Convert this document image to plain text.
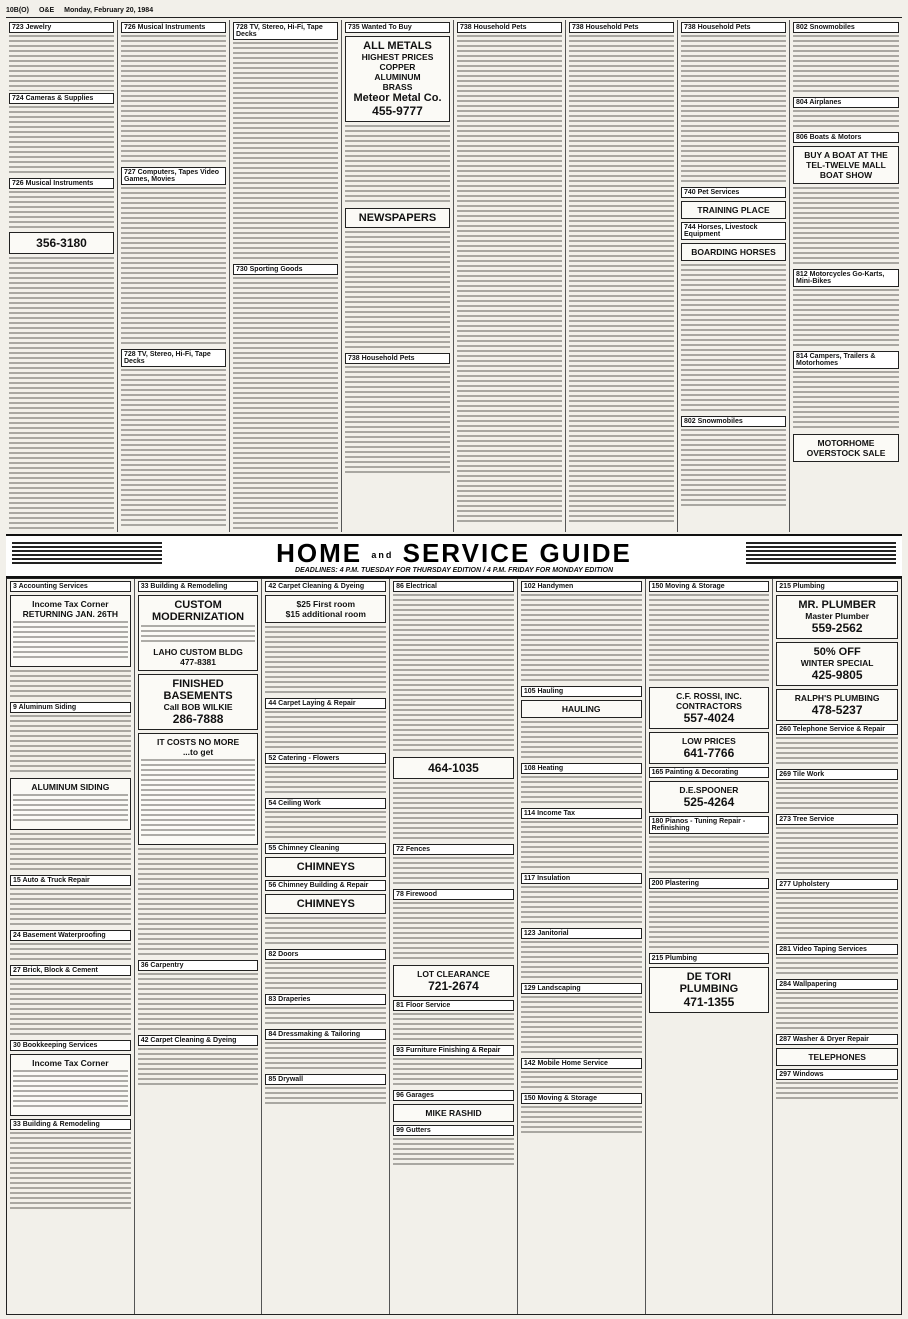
10B(O) O&E Monday, February 20, 1984
723 Jewelry
724 Cameras & Supplies
726 Musical Instruments
356-3180
726 Musical Instruments
727 Computers, Tapes Video Games, Movies
728 TV, Stereo, Hi-Fi, Tape Decks
728 TV, Stereo, Hi-Fi, Tape Decks
730 Sporting Goods
735 Wanted To Buy
ALL METALS
HIGHEST PRICES
COPPER
ALUMINUM
BRASS
Meteor Metal Co.
455-9777
NEWSPAPERS
738 Household Pets
738 Household Pets	738 Household Pets	738 Household Pets
740 Pet Services
TRAINING PLACE
744 Horses, Livestock Equipment
BOARDING HORSES
802 Snowmobiles
802 Snowmobiles
804 Airplanes
806 Boats & Motors
BUY A BOAT AT THE
TEL-TWELVE MALL
BOAT SHOW
812 Motorcycles Go-Karts, Mini-Bikes
814 Campers, Trailers & Motorhomes
MOTORHOME
OVERSTOCK SALE
HOME and SERVICE GUIDE
DEADLINES: 4 P.M. TUESDAY FOR THURSDAY EDITION / 4 P.M. FRIDAY FOR MONDAY EDITION
3 Accounting Services
Income Tax Corner
RETURNING JAN. 26TH
9 Aluminum Siding
ALUMINUM SIDING
15 Auto & Truck Repair
24 Basement Waterproofing
27 Brick, Block & Cement
30 Bookkeeping Services
Income Tax Corner
33 Building & Remodeling
33 Building & Remodeling
CUSTOM
MODERNIZATION
LAHO CUSTOM BLDG
477-8381
FINISHED
BASEMENTS
Call BOB WILKIE
286-7888
IT COSTS NO MORE
...to get
36 Carpentry
42 Carpet Cleaning & Dyeing
42 Carpet Cleaning & Dyeing
$25 First room
$15 additional room
44 Carpet Laying & Repair
52 Catering - Flowers
54 Ceiling Work
55 Chimney Cleaning
CHIMNEYS
56 Chimney Building & Repair
CHIMNEYS
82 Doors
83 Draperies
84 Dressmaking & Tailoring
85 Drywall
86 Electrical
464-1035
72 Fences
78 Firewood
LOT CLEARANCE
721-2674
81 Floor Service
93 Furniture Finishing & Repair
96 Garages
MIKE RASHID
99 Gutters
102 Handymen
105 Hauling
HAULING
108 Heating
114 Income Tax
117 Insulation
123 Janitorial
129 Landscaping
142 Mobile Home Service
150 Moving & Storage
150 Moving & Storage
C.F. ROSSI, INC.
CONTRACTORS
557-4024
LOW PRICES
641-7766
165 Painting & Decorating
D.E.SPOONER
525-4264
180 Pianos - Tuning Repair - Refinishing
200 Plastering
215 Plumbing
DE TORI
PLUMBING
471-1355
215 Plumbing
MR. PLUMBER
Master Plumber
559-2562
50% OFF
WINTER SPECIAL
425-9805
RALPH'S PLUMBING
478-5237
260 Telephone Service & Repair
269 Tile Work
273 Tree Service
277 Upholstery
281 Video Taping Services
284 Wallpapering
287 Washer & Dryer Repair
TELEPHONES
297 Windows
